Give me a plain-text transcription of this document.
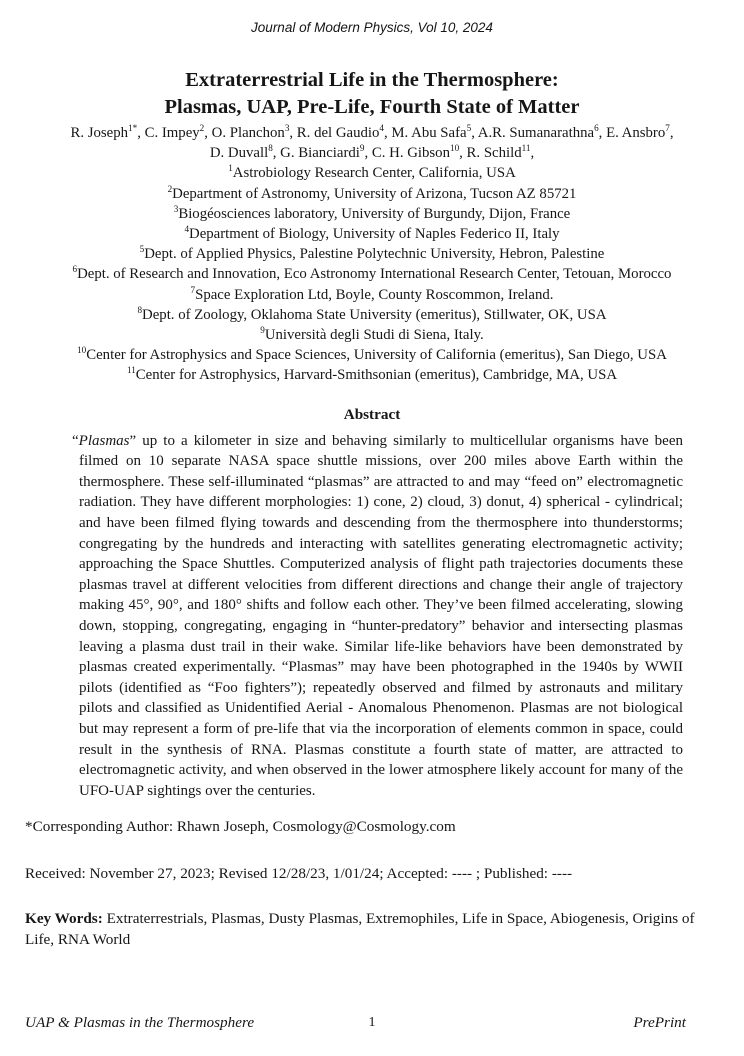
Journal of Modern Physics, Vol 10, 2024
Extraterrestrial Life in the Thermosphere:
Plasmas, UAP, Pre-Life, Fourth State of Matter
R. Joseph$^{1*}$, C. Impey$^2$, O. Planchon$^3$, R. del Gaudio$^4$, M. Abu Safa$^5$, A.R. Sumanarathna$^6$, E. Ansbro$^7$,
D. Duvall$^8$, G. Bianciardi$^9$, C. H. Gibson$^{10}$, R. Schild$^{11}$,
$^1$Astrobiology Research Center, California, USA
$^2$Department of Astronomy, University of Arizona, Tucson AZ 85721
$^3$Biogéosciences laboratory, University of Burgundy, Dijon, France
$^4$Department of Biology, University of Naples Federico II, Italy
$^5$Dept. of Applied Physics, Palestine Polytechnic University, Hebron, Palestine
$^6$Dept. of Research and Innovation, Eco Astronomy International Research Center, Tetouan, Morocco
$^7$Space Exploration Ltd, Boyle, County Roscommon, Ireland.
$^8$Dept. of Zoology, Oklahoma State University (emeritus), Stillwater, OK, USA
$^9$Università degli Studi di Siena, Italy.
$^{10}$Center for Astrophysics and Space Sciences, University of California (emeritus), San Diego, USA
$^{11}$Center for Astrophysics, Harvard-Smithsonian (emeritus), Cambridge, MA, USA
Abstract

“Plasmas” up to a kilometer in size and behaving similarly to multicellular organisms have been filmed on 10 separate NASA space shuttle missions, over 200 miles above Earth within the thermosphere. These self-illuminated “plasmas” are attracted to and may “feed on” electromagnetic radiation. They have different morphologies: 1) cone, 2) cloud, 3) donut, 4) spherical - cylindrical; and have been filmed flying towards and descending from the thermosphere into thunderstorms; congregating by the hundreds and interacting with satellites generating electromagnetic activity; approaching the Space Shuttles. Computerized analysis of flight path trajectories documents these plasmas travel at different velocities from different directions and change their angle of trajectory making 45°, 90°, and 180° shifts and follow each other. They’ve been filmed accelerating, slowing down, stopping, congregating, engaging in “hunter-predatory” behavior and intersecting plasmas leaving a plasma dust trail in their wake. Similar life-like behaviors have been demonstrated by plasmas created experimentally. “Plasmas” may have been photographed in the 1940s by WWII pilots (identified as “Foo fighters”); repeatedly observed and filmed by astronauts and military pilots and classified as Unidentified Aerial - Anomalous Phenomenon. Plasmas are not biological but may represent a form of pre-life that via the incorporation of elements common in space, could result in the synthesis of RNA. Plasmas constitute a fourth state of matter, are attracted to electromagnetic activity, and when observed in the lower atmosphere likely account for many of the UFO-UAP sightings over the centuries.

*Corresponding Author: Rhawn Joseph, Cosmology@Cosmology.com

Received: November 27, 2023; Revised 12/28/23, 1/01/24; Accepted: ---- ; Published: ----

Key Words: Extraterrestrials, Plasmas, Dusty Plasmas, Extremophiles, Life in Space, Abiogenesis, Origins of Life, RNA World

UAP & Plasmas in the Thermosphere	1	PrePrint
